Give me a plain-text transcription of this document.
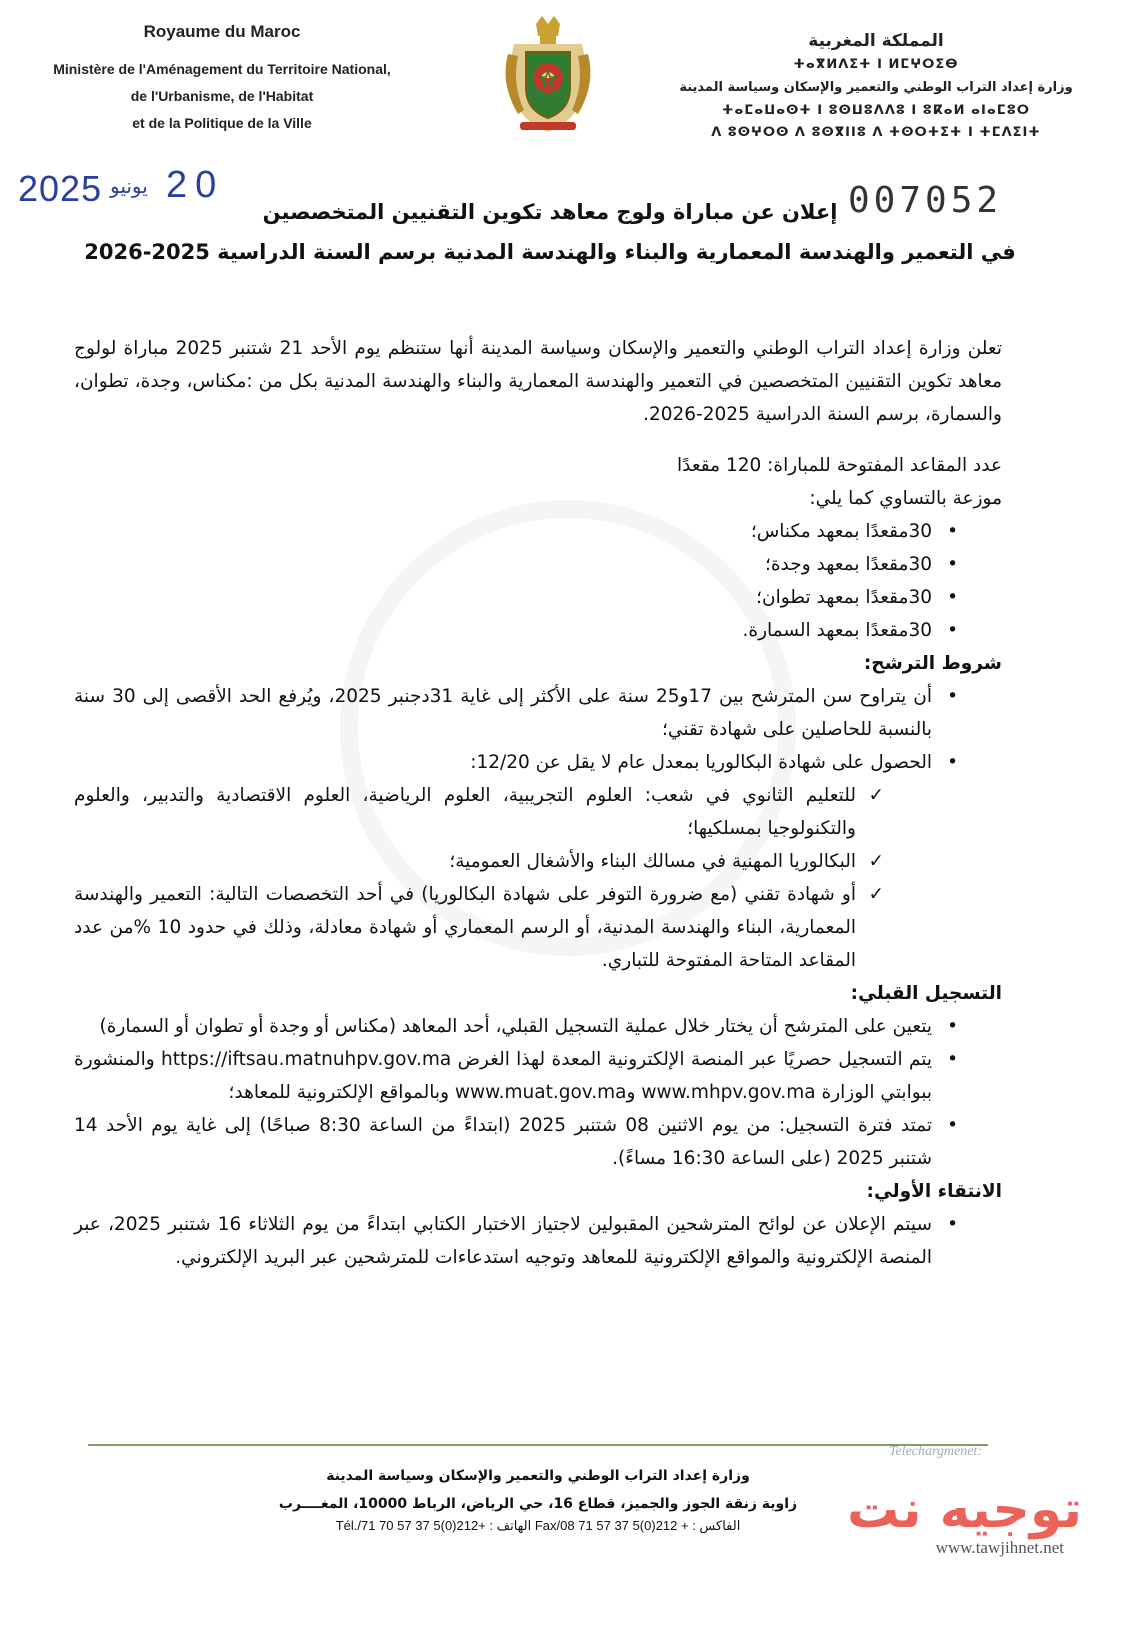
Royaume du Maroc
Ministère de l'Aménagement du Territoire National,
de l'Urbanisme, de l'Habitat
et de la Politique de la Ville
المملكة المغربية
ⵜⴰⴳⵍⴷⵉⵜ ⵏ ⵍⵎⵖⵔⵉⴱ
وزارة إعداد التراب الوطني والتعمير والإسكان وسياسة المدينة
ⵜⴰⵎⴰⵡⴰⵙⵜ ⵏ ⵓⵙⵡⵓⴷⴷⵓ ⵏ ⵓⴽⴰⵍ ⴰⵏⴰⵎⵓⵔ
ⴷ ⵓⵙⵖⵔⵙ ⴷ ⵓⵙⴳⵏⵏⵓ ⴷ ⵜⵙⵔⵜⵉⵜ ⵏ ⵜⵎⴷⵉⵏⵜ
2025 يونيو 20	007052
إعلان عن مباراة ولوج معاهد تكوين التقنيين المتخصصين
في التعمير والهندسة المعمارية والبناء والهندسة المدنية برسم السنة الدراسية 2025-2026

تعلن وزارة إعداد التراب الوطني والتعمير والإسكان وسياسة المدينة أنها ستنظم يوم الأحد 21 شتنبر 2025 مباراة لولوج معاهد تكوين التقنيين المتخصصين في التعمير والهندسة المعمارية والبناء والهندسة المدنية بكل من :مكناس، وجدة، تطوان، والسمارة، برسم السنة الدراسية 2025-2026.

عدد المقاعد المفتوحة للمباراة: 120 مقعدًا

موزعة بالتساوي كما يلي:

• 30مقعدًا بمعهد مكناس؛
• 30مقعدًا بمعهد وجدة؛
• 30مقعدًا بمعهد تطوان؛
• 30مقعدًا بمعهد السمارة.

شروط الترشح:

• أن يتراوح سن المترشح بين 17و25 سنة على الأكثر إلى غاية 31دجنبر 2025، ويُرفع الحد الأقصى إلى 30 سنة بالنسبة للحاصلين على شهادة تقني؛
• الحصول على شهادة البكالوريا بمعدل عام لا يقل عن 12/20:
✓ للتعليم الثانوي في شعب: العلوم التجريبية، العلوم الرياضية، العلوم الاقتصادية والتدبير، والعلوم والتكنولوجيا بمسلكيها؛
✓ البكالوريا المهنية في مسالك البناء والأشغال العمومية؛
✓ أو شهادة تقني (مع ضرورة التوفر على شهادة البكالوريا) في أحد التخصصات التالية: التعمير والهندسة المعمارية، البناء والهندسة المدنية، أو الرسم المعماري أو شهادة معادلة، وذلك في حدود 10 %من عدد المقاعد المتاحة المفتوحة للتباري.

التسجيل القبلي:

• يتعين على المترشح أن يختار خلال عملية التسجيل القبلي، أحد المعاهد (مكناس أو وجدة أو تطوان أو السمارة)
• يتم التسجيل حصريًا عبر المنصة الإلكترونية المعدة لهذا الغرض https://iftsau.matnuhpv.gov.ma والمنشورة ببوابتي الوزارة www.mhpv.gov.ma وwww.muat.gov.ma وبالمواقع الإلكترونية للمعاهد؛
• تمتد فترة التسجيل: من يوم الاثنين 08 شتنبر 2025 (ابتداءً من الساعة 8:30 صباحًا) إلى غاية يوم الأحد 14 شتنبر 2025 (على الساعة 16:30 مساءً).

الانتقاء الأولي:

• سيتم الإعلان عن لوائح المترشحين المقبولين لاجتياز الاختبار الكتابي ابتداءً من يوم الثلاثاء 16 شتنبر 2025، عبر المنصة الإلكترونية والمواقع الإلكترونية للمعاهد وتوجيه استدعاءات للمترشحين عبر البريد الإلكتروني.
Telechargmenet:
وزارة إعداد التراب الوطني والتعمير والإسكان وسياسة المدينة
زاوية زنقة الجوز والجميز، قطاع 16، حي الرياض، الرباط 10000، المغــــرب
Tél./الهاتف : +212(0)5 37 57 70 71 Fax/الفاكس : + 212(0)5 37 57 71 08	توجيه نت
www.tawjihnet.net
